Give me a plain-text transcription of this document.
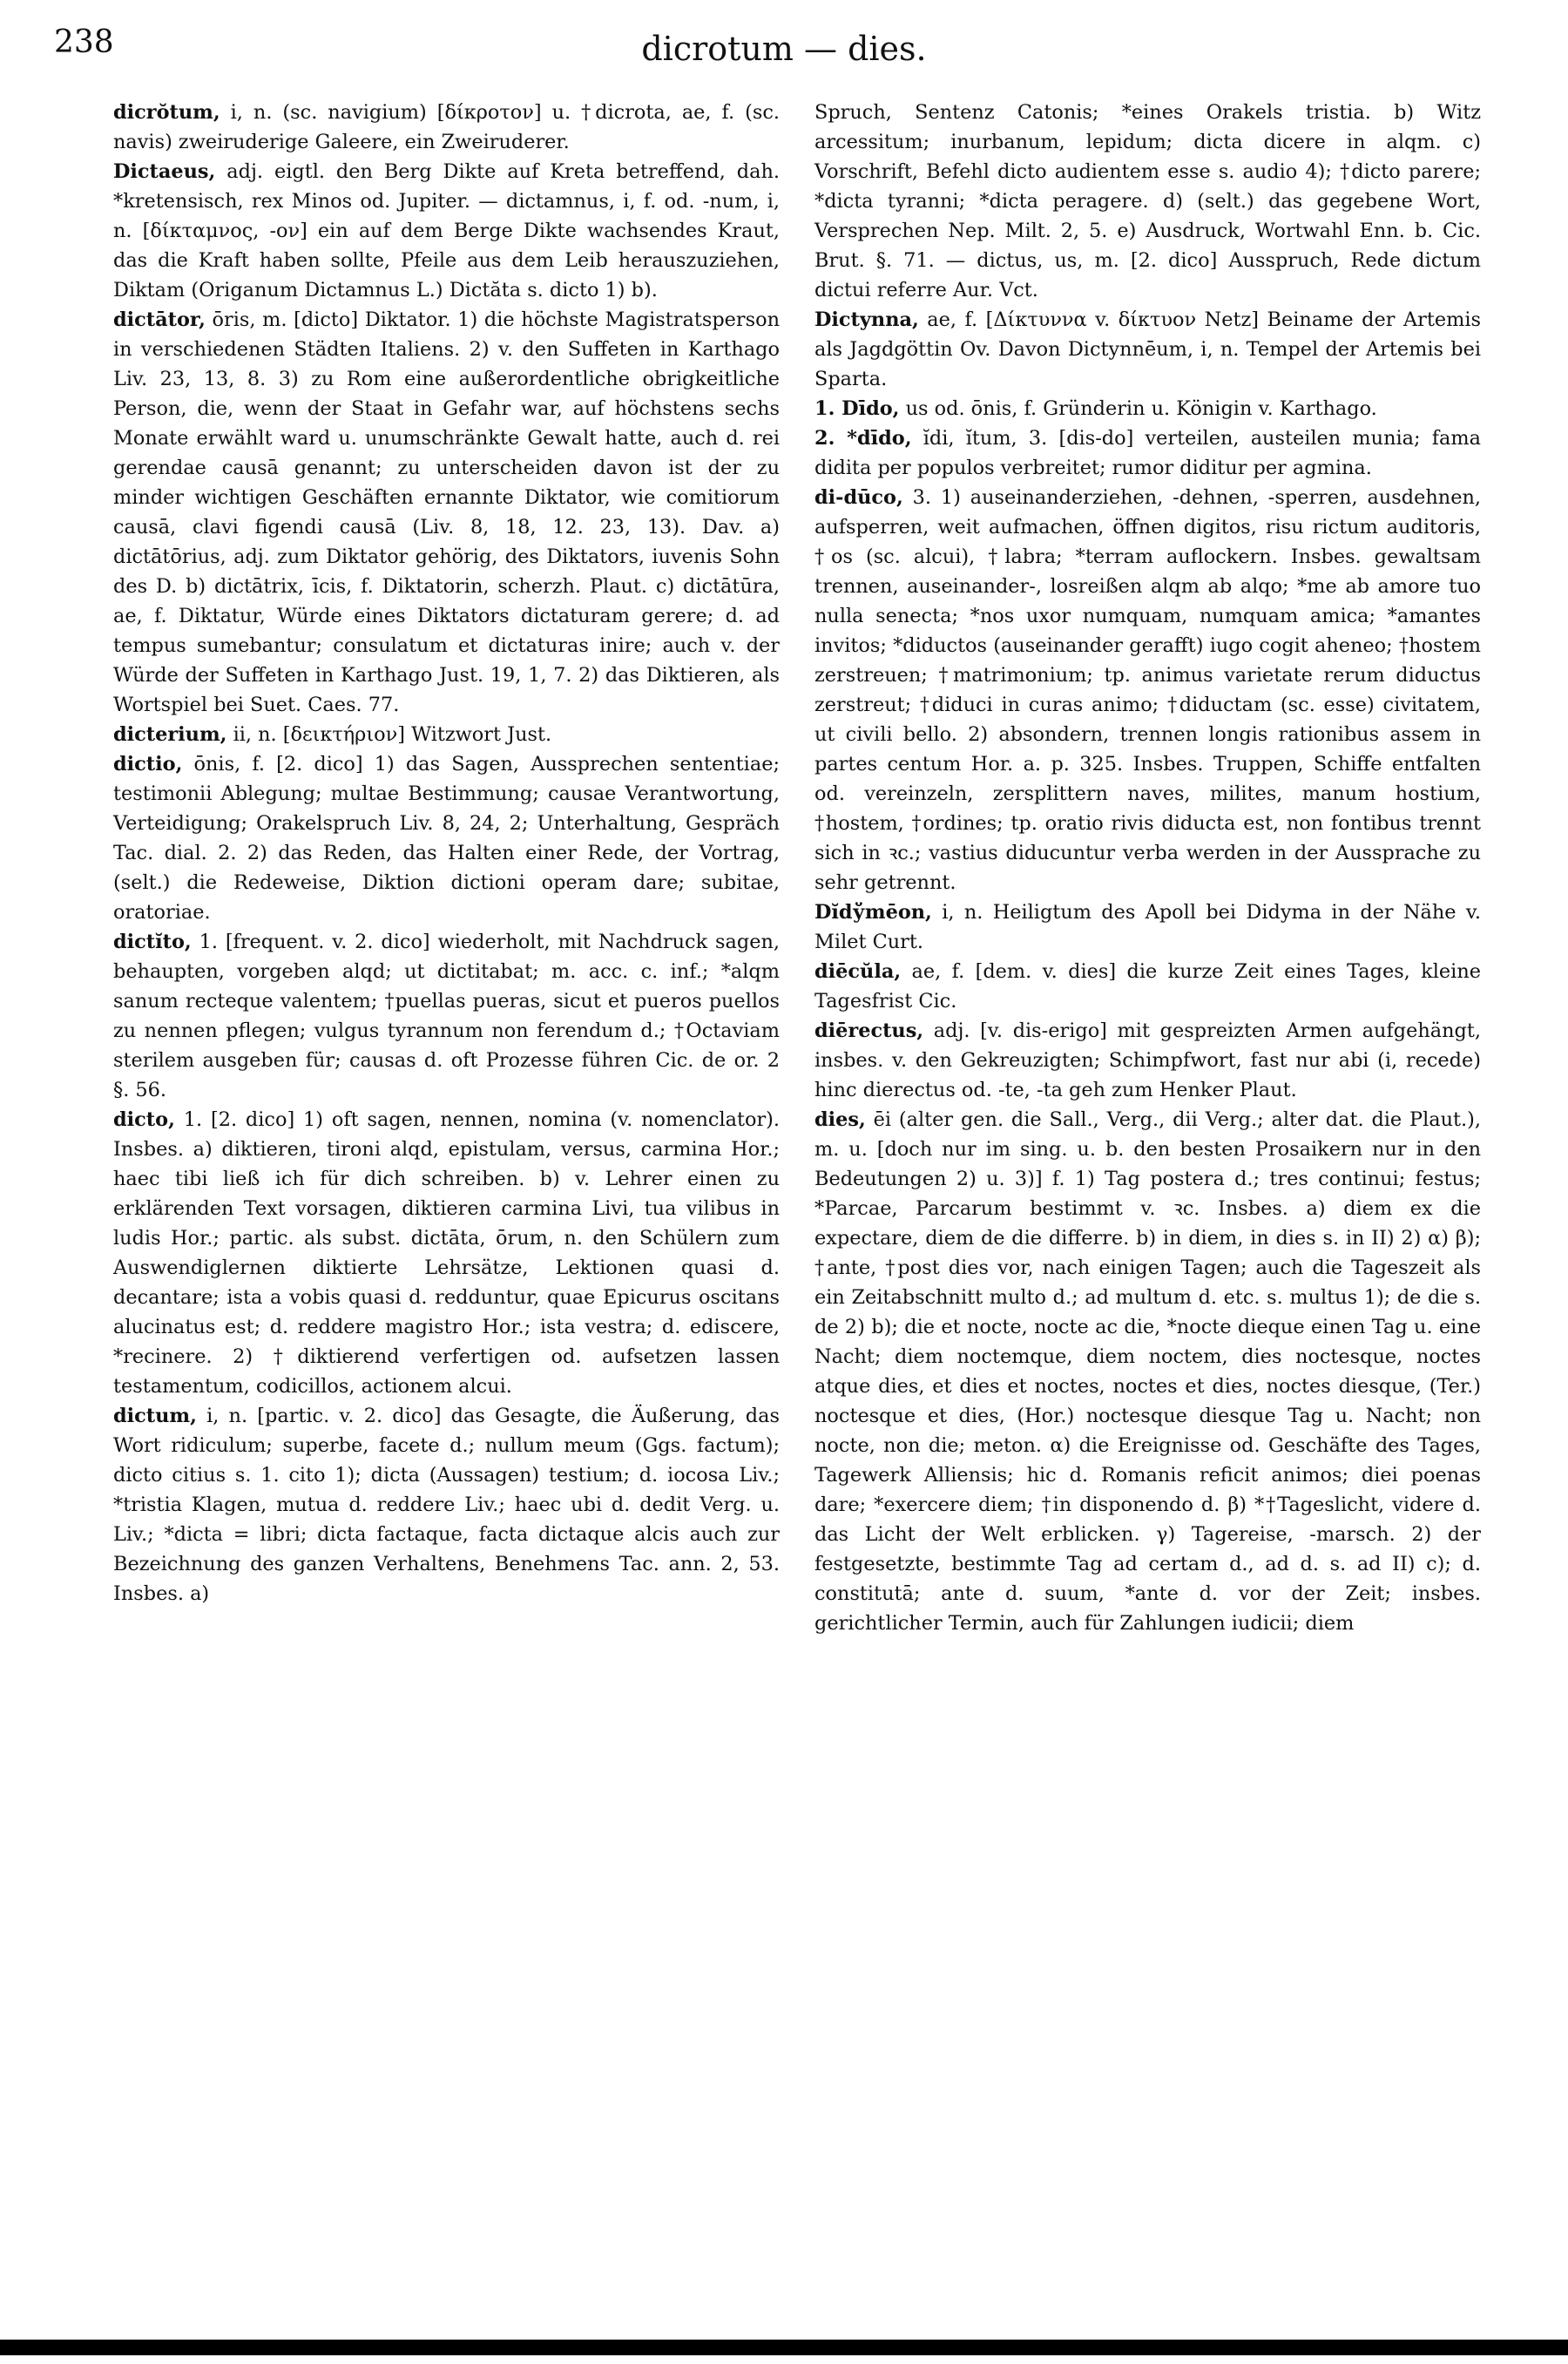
238	dicrotum — dies.

dicrŏtum, i, n. (sc. navigium) [δίκροτον] u. †dicrota, ae, f. (sc. navis) zweiruderige Galeere, ein Zweiruderer.

Dictaeus, adj. eigtl. den Berg Dikte auf Kreta betreffend, dah. *kretensisch, rex Minos od. Jupiter. — dictamnus, i, f. od. -num, i, n. [δίκταμνος, -ον] ein auf dem Berge Dikte wachsendes Kraut, das die Kraft haben sollte, Pfeile aus dem Leib herauszuziehen, Diktam (Origanum Dictamnus L.) Dictăta s. dicto 1) b).

dictātor, ōris, m. [dicto] Diktator. 1) die höchste Magistratsperson in verschiedenen Städten Italiens. 2) v. den Suffeten in Karthago Liv. 23, 13, 8. 3) zu Rom eine außerordentliche obrigkeitliche Person, die, wenn der Staat in Gefahr war, auf höchstens sechs Monate erwählt ward u. unumschränkte Gewalt hatte, auch d. rei gerendae causā genannt; zu unterscheiden davon ist der zu minder wichtigen Geschäften ernannte Diktator, wie comitiorum causā, clavi figendi causā (Liv. 8, 18, 12. 23, 13). Dav. a) dictātōrius, adj. zum Diktator gehörig, des Diktators, iuvenis Sohn des D. b) dictātrix, īcis, f. Diktatorin, scherzh. Plaut. c) dictātūra, ae, f. Diktatur, Würde eines Diktators dictaturam gerere; d. ad tempus sumebantur; consulatum et dictaturas inire; auch v. der Würde der Suffeten in Karthago Just. 19, 1, 7. 2) das Diktieren, als Wortspiel bei Suet. Caes. 77.

dicterium, ii, n. [δεικτήριον] Witzwort Just.

dictio, ōnis, f. [2. dico] 1) das Sagen, Aussprechen sententiae; testimonii Ablegung; multae Bestimmung; causae Verantwortung, Verteidigung; Orakelspruch Liv. 8, 24, 2; Unterhaltung, Gespräch Tac. dial. 2. 2) das Reden, das Halten einer Rede, der Vortrag, (selt.) die Redeweise, Diktion dictioni operam dare; subitae, oratoriae.

dictĭto, 1. [frequent. v. 2. dico] wiederholt, mit Nachdruck sagen, behaupten, vorgeben alqd; ut dictitabat; m. acc. c. inf.; *alqm sanum recteque valentem; †puellas pueras, sicut et pueros puellos zu nennen pflegen; vulgus tyrannum non ferendum d.; †Octaviam sterilem ausgeben für; causas d. oft Prozesse führen Cic. de or. 2 §. 56.

dicto, 1. [2. dico] 1) oft sagen, nennen, nomina (v. nomenclator). Insbes. a) diktieren, tironi alqd, epistulam, versus, carmina Hor.; haec tibi ließ ich für dich schreiben. b) v. Lehrer einen zu erklärenden Text vorsagen, diktieren carmina Livi, tua vilibus in ludis Hor.; partic. als subst. dictāta, ōrum, n. den Schülern zum Auswendiglernen diktierte Lehrsätze, Lektionen quasi d. decantare; ista a vobis quasi d. redduntur, quae Epicurus oscitans alucinatus est; d. reddere magistro Hor.; ista vestra; d. ediscere, *recinere. 2) †diktierend verfertigen od. aufsetzen lassen testamentum, codicillos, actionem alcui.

dictum, i, n. [partic. v. 2. dico] das Gesagte, die Äußerung, das Wort ridiculum; superbe, facete d.; nullum meum (Ggs. factum); dicto citius s. 1. cito 1); dicta (Aussagen) testium; d. iocosa Liv.; *tristia Klagen, mutua d. reddere Liv.; haec ubi d. dedit Verg. u. Liv.; *dicta = libri; dicta factaque, facta dictaque alcis auch zur Bezeichnung des ganzen Verhaltens, Benehmens Tac. ann. 2, 53. Insbes. a)

Spruch, Sentenz Catonis; *eines Orakels tristia. b) Witz arcessitum; inurbanum, lepidum; dicta dicere in alqm. c) Vorschrift, Befehl dicto audientem esse s. audio 4); †dicto parere; *dicta tyranni; *dicta peragere. d) (selt.) das gegebene Wort, Versprechen Nep. Milt. 2, 5. e) Ausdruck, Wortwahl Enn. b. Cic. Brut. §. 71. — dictus, us, m. [2. dico] Ausspruch, Rede dictum dictui referre Aur. Vct.

Dictynna, ae, f. [Δίκτυννα v. δίκτυον Netz] Beiname der Artemis als Jagdgöttin Ov. Davon Dictynnēum, i, n. Tempel der Artemis bei Sparta.

1. Dīdo, us od. ōnis, f. Gründerin u. Königin v. Karthago.

2. *dīdo, ĭdi, ĭtum, 3. [dis-do] verteilen, austeilen munia; fama didita per populos verbreitet; rumor diditur per agmina.

di-dūco, 3. 1) auseinanderziehen, -dehnen, -sperren, ausdehnen, aufsperren, weit aufmachen, öffnen digitos, risu rictum auditoris, †os (sc. alcui), †labra; *terram auflockern. Insbes. gewaltsam trennen, auseinander-, losreißen alqm ab alqo; *me ab amore tuo nulla senecta; *nos uxor numquam, numquam amica; *amantes invitos; *diductos (auseinander gerafft) iugo cogit aheneo; †hostem zerstreuen; †matrimonium; tp. animus varietate rerum diductus zerstreut; †diduci in curas animo; †diductam (sc. esse) civitatem, ut civili bello. 2) absondern, trennen longis rationibus assem in partes centum Hor. a. p. 325. Insbes. Truppen, Schiffe entfalten od. vereinzeln, zersplittern naves, milites, manum hostium, †hostem, †ordines; tp. oratio rivis diducta est, non fontibus trennt sich in ꝛc.; vastius diducuntur verba werden in der Aussprache zu sehr getrennt.

Dĭdўmēon, i, n. Heiligtum des Apoll bei Didyma in der Nähe v. Milet Curt.

diēcŭla, ae, f. [dem. v. dies] die kurze Zeit eines Tages, kleine Tagesfrist Cic.

diērectus, adj. [v. dis-erigo] mit gespreizten Armen aufgehängt, insbes. v. den Gekreuzigten; Schimpfwort, fast nur abi (i, recede) hinc dierectus od. -te, -ta geh zum Henker Plaut.

dies, ēi (alter gen. die Sall., Verg., dii Verg.; alter dat. die Plaut.), m. u. [doch nur im sing. u. b. den besten Prosaikern nur in den Bedeutungen 2) u. 3)] f. 1) Tag postera d.; tres continui; festus; *Parcae, Parcarum bestimmt v. ꝛc. Insbes. a) diem ex die expectare, diem de die differre. b) in diem, in dies s. in II) 2) α) β); †ante, †post dies vor, nach einigen Tagen; auch die Tageszeit als ein Zeitabschnitt multo d.; ad multum d. etc. s. multus 1); de die s. de 2) b); die et nocte, nocte ac die, *nocte dieque einen Tag u. eine Nacht; diem noctemque, diem noctem, dies noctesque, noctes atque dies, et dies et noctes, noctes et dies, noctes diesque, (Ter.) noctesque et dies, (Hor.) noctesque diesque Tag u. Nacht; non nocte, non die; meton. α) die Ereignisse od. Geschäfte des Tages, Tagewerk Alliensis; hic d. Romanis reficit animos; diei poenas dare; *exercere diem; †in disponendo d. β) *†Tageslicht, videre d. das Licht der Welt erblicken. γ) Tagereise, -marsch. 2) der festgesetzte, bestimmte Tag ad certam d., ad d. s. ad II) c); d. constitutā; ante d. suum, *ante d. vor der Zeit; insbes. gerichtlicher Termin, auch für Zahlungen iudicii; diem
